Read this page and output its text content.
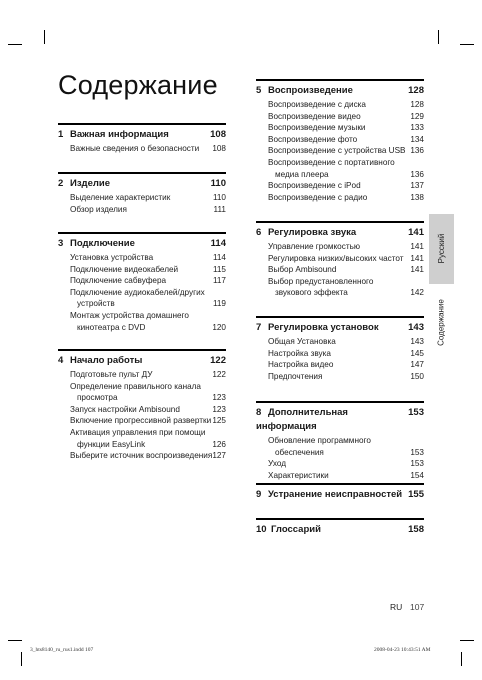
Содержание
1 Важная информация	108
Важные сведения о безопасности 108
2 Изделие	110
Выделение характеристик	110
Обзор изделия	111
3 Подключение	114
Установка устройства	114
Подключение видеокабелей	115
Подключение сабвуфера	117
Подключение аудиокабелей/других
устройств	119
Монтаж устройства домашнего
кинотеатра с DVD	120
4 Начало работы	122
Подготовьте пульт ДУ	122
Определение правильного канала
просмотра	123
Запуск настройки Ambisound	123
Включение прогрессивной развертки 125
Активация управления при помощи
функции EasyLink	126
Выберите источник воспроизведения 127
5 Воспроизведение	128
Воспроизведение с диска	128
Воспроизведение видео	129
Воспроизведение музыки	133
Воспроизведение фото	134
Воспроизведение с устройства USB 136
Воспроизведение с портативного
медиа плеера	136
Воспроизведение с iPod	137
Воспроизведение с радио	138
6 Регулировка звука	141
Управление громкостью	141
Регулировка низких/высоких частот 141
Выбор Ambisound	141
Выбор предустановленного
звукового эффекта	142
7 Регулировка установок	143
Общая Установка	143
Настройка звука	145
Настройка видео	147
Предпочтения	150
8 Дополнительная информация
153
Обновление программного
обеспечения	153
Уход	153
Характеристики	154
9 Устранение неисправностей 155
10 Глоссарий	158
Русский
Содержание
RU 107
3_hts8140_ru_rus1.indd 107	2008-04-23 10:43:51 AM
